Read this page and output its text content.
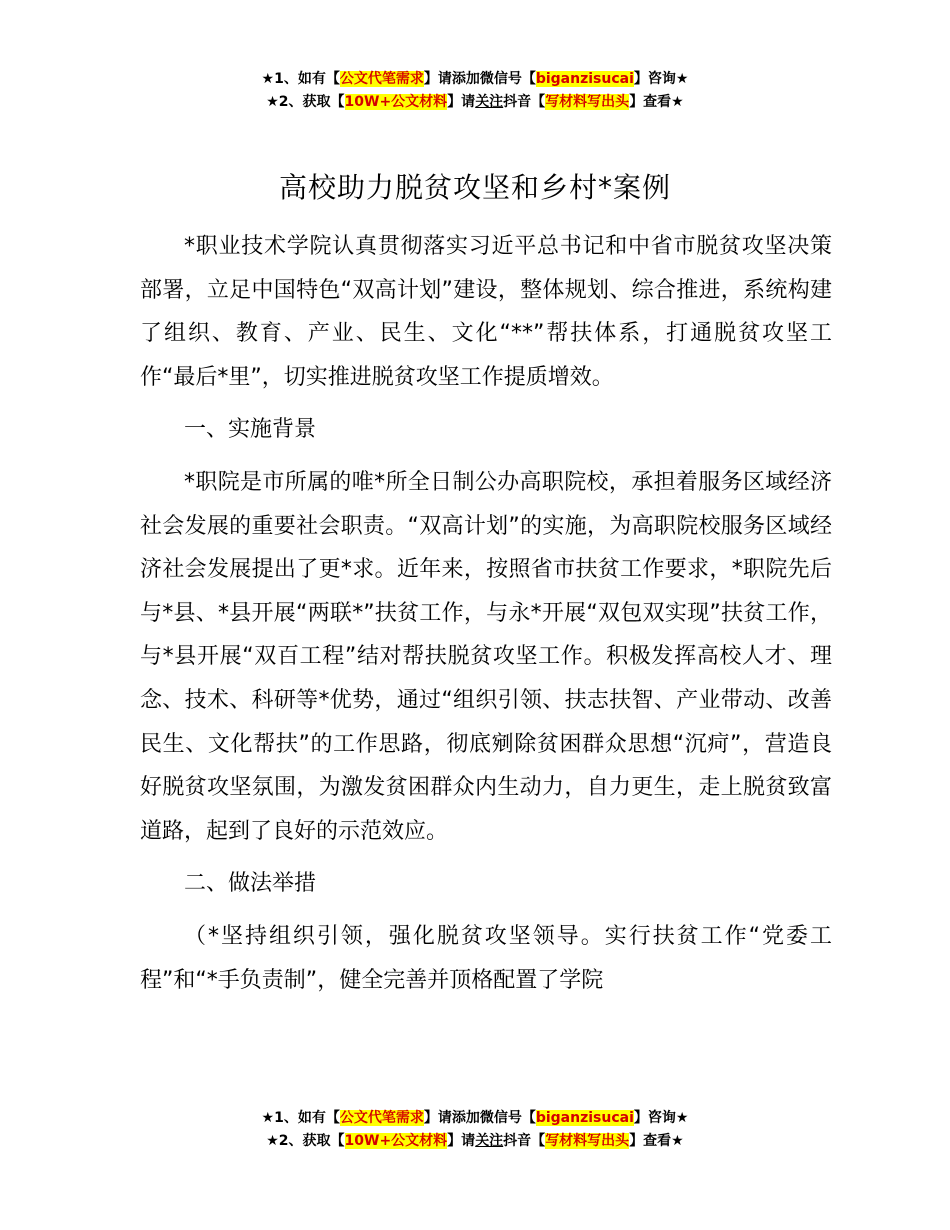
★1、如有【公文代笔需求】请添加微信号【biganzisucai】咨询★
★2、获取【10W+公文材料】请关注抖音【写材料写出头】查看★
高校助力脱贫攻坚和乡村*案例

*职业技术学院认真贯彻落实习近平总书记和中省市脱贫攻坚决策部署，立足中国特色“双高计划”建设，整体规划、综合推进，系统构建了组织、教育、产业、民生、文化“**”帮扶体系，打通脱贫攻坚工作“最后*里”，切实推进脱贫攻坚工作提质增效。

一、实施背景

*职院是市所属的唯*所全日制公办高职院校，承担着服务区域经济社会发展的重要社会职责。“双高计划”的实施，为高职院校服务区域经济社会发展提出了更*求。近年来，按照省市扶贫工作要求，*职院先后与*县、*县开展“两联*”扶贫工作，与永*开展“双包双实现”扶贫工作，与*县开展“双百工程”结对帮扶脱贫攻坚工作。积极发挥高校人才、理念、技术、科研等*优势，通过“组织引领、扶志扶智、产业带动、改善民生、文化帮扶”的工作思路，彻底剜除贫困群众思想“沉疴”，营造良好脱贫攻坚氛围，为激发贫困群众内生动力，自力更生，走上脱贫致富道路，起到了良好的示范效应。

二、做法举措

（*坚持组织引领，强化脱贫攻坚领导。实行扶贫工作“党委工程”和“*手负责制”，健全完善并顶格配置了学院

★1、如有【公文代笔需求】请添加微信号【biganzisucai】咨询★
★2、获取【10W+公文材料】请关注抖音【写材料写出头】查看★
